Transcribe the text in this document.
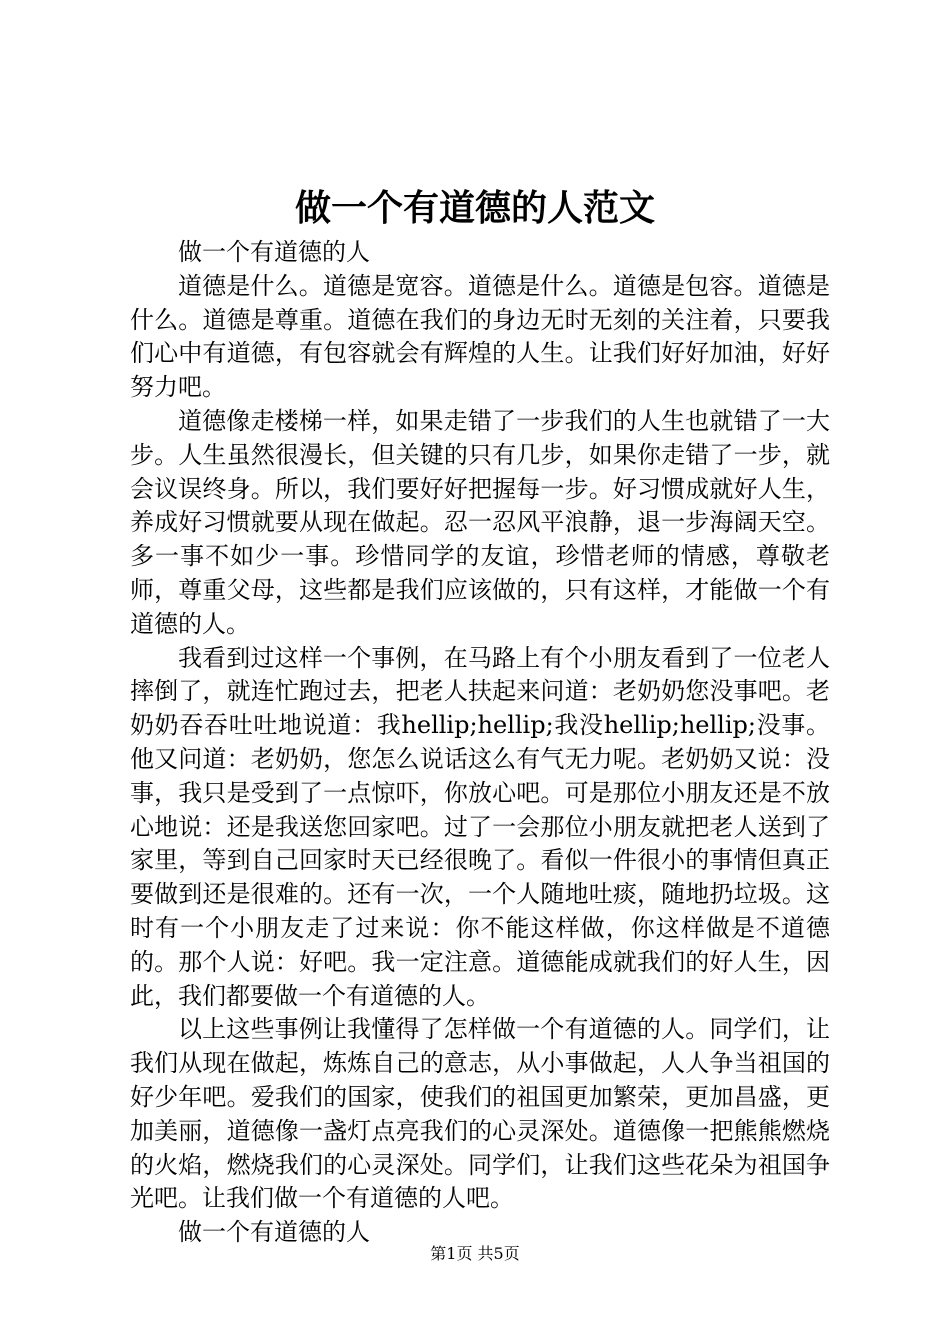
做一个有道德的人范文

做一个有道德的人

道德是什么。道德是宽容。道德是什么。道德是包容。道德是什么。道德是尊重。道德在我们的身边无时无刻的关注着，只要我们心中有道德，有包容就会有辉煌的人生。让我们好好加油，好好努力吧。

道德像走楼梯一样，如果走错了一步我们的人生也就错了一大步。人生虽然很漫长，但关键的只有几步，如果你走错了一步，就会议误终身。所以，我们要好好把握每一步。好习惯成就好人生，养成好习惯就要从现在做起。忍一忍风平浪静，退一步海阔天空。多一事不如少一事。珍惜同学的友谊，珍惜老师的情感，尊敬老师，尊重父母，这些都是我们应该做的，只有这样，才能做一个有道德的人。

我看到过这样一个事例，在马路上有个小朋友看到了一位老人摔倒了，就连忙跑过去，把老人扶起来问道：老奶奶您没事吧。老奶奶吞吞吐吐地说道：我hellip;hellip;我没hellip;hellip;没事。他又问道：老奶奶，您怎么说话这么有气无力呢。老奶奶又说：没事，我只是受到了一点惊吓，你放心吧。可是那位小朋友还是不放心地说：还是我送您回家吧。过了一会那位小朋友就把老人送到了家里，等到自己回家时天已经很晚了。看似一件很小的事情但真正要做到还是很难的。还有一次，一个人随地吐痰，随地扔垃圾。这时有一个小朋友走了过来说：你不能这样做，你这样做是不道德的。那个人说：好吧。我一定注意。道德能成就我们的好人生，因此，我们都要做一个有道德的人。

以上这些事例让我懂得了怎样做一个有道德的人。同学们，让我们从现在做起，炼炼自己的意志，从小事做起，人人争当祖国的好少年吧。爱我们的国家，使我们的祖国更加繁荣，更加昌盛，更加美丽，道德像一盏灯点亮我们的心灵深处。道德像一把熊熊燃烧的火焰，燃烧我们的心灵深处。同学们，让我们这些花朵为祖国争光吧。让我们做一个有道德的人吧。

做一个有道德的人

第1页 共5页
